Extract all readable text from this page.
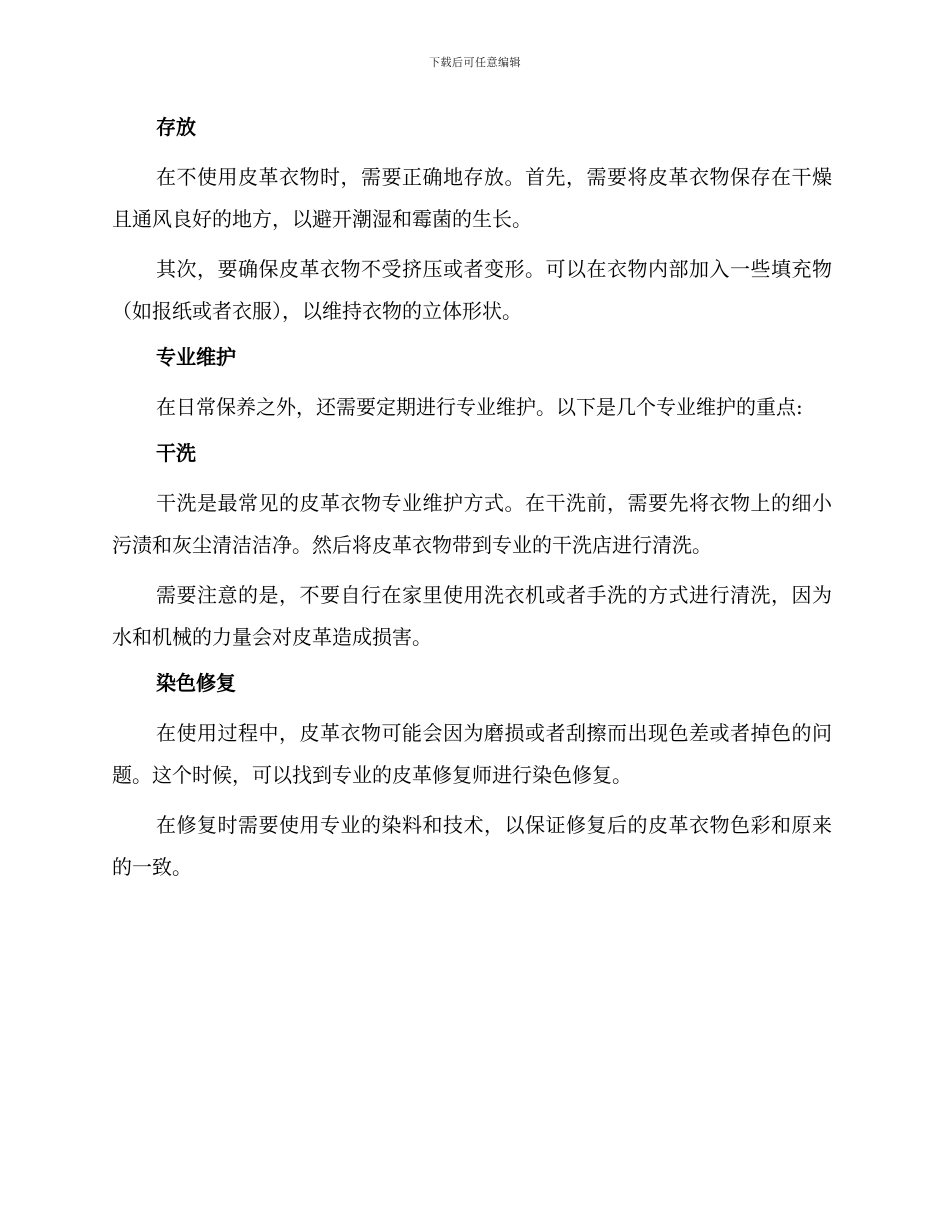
下载后可任意编辑
存放

在不使用皮革衣物时，需要正确地存放。首先，需要将皮革衣物保存在干燥且通风良好的地方，以避开潮湿和霉菌的生长。

其次，要确保皮革衣物不受挤压或者变形。可以在衣物内部加入一些填充物（如报纸或者衣服），以维持衣物的立体形状。

专业维护

在日常保养之外，还需要定期进行专业维护。以下是几个专业维护的重点:

干洗

干洗是最常见的皮革衣物专业维护方式。在干洗前，需要先将衣物上的细小污渍和灰尘清洁洁净。然后将皮革衣物带到专业的干洗店进行清洗。

需要注意的是，不要自行在家里使用洗衣机或者手洗的方式进行清洗，因为水和机械的力量会对皮革造成损害。

染色修复

在使用过程中，皮革衣物可能会因为磨损或者刮擦而出现色差或者掉色的问题。这个时候，可以找到专业的皮革修复师进行染色修复。

在修复时需要使用专业的染料和技术，以保证修复后的皮革衣物色彩和原来的一致。
